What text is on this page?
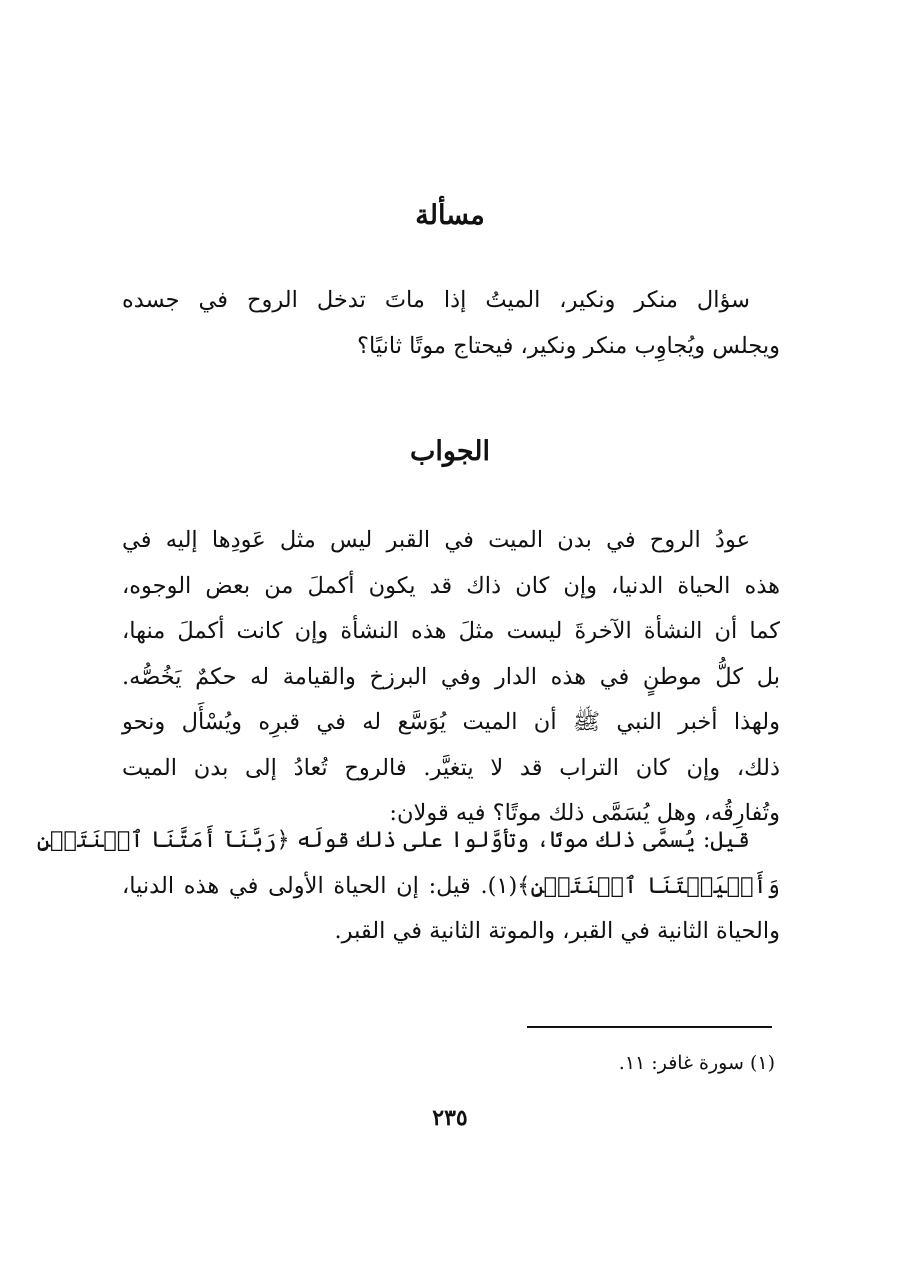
مسألة
سؤال منكر ونكير، الميتُ إذا ماتَ تدخل الروح في جسده
ويجلس ويُجاوِب منكر ونكير، فيحتاج موتًا ثانيًا؟
الجواب
عودُ الروح في بدن الميت في القبر ليس مثل عَودِها إليه في
هذه الحياة الدنيا، وإن كان ذاك قد يكون أكملَ من بعض الوجوه،
كما أن النشأة الآخرةَ ليست مثلَ هذه النشأة وإن كانت أكملَ منها،
بل كلُّ موطنٍ في هذه الدار وفي البرزخ والقيامة له حكمٌ يَخُصُّه.
ولهذا أخبر النبي ﷺ أن الميت يُوَسَّع له في قبرِه ويُسْأَل ونحو
ذلك، وإن كان التراب قد لا يتغيَّر. فالروح تُعادُ إلى بدن الميت
وتُفارِقُه، وهل يُسَمَّى ذلك موتًا؟ فيه قولان:
قيل: يُسمَّى ذلك موتًا، وتأوَّلوا على ذلك قولَه ﴿رَبَّنَآ أَمَتَّنَا ٱثۡنَتَيۡنِ
وَأَحۡيَيۡتَنَا ٱثۡنَتَيۡنِ﴾(١). قيل: إن الحياة الأولى في هذه الدنيا،
والحياة الثانية في القبر، والموتة الثانية في القبر.
(١) سورة غافر: ١١.
٢٣٥
